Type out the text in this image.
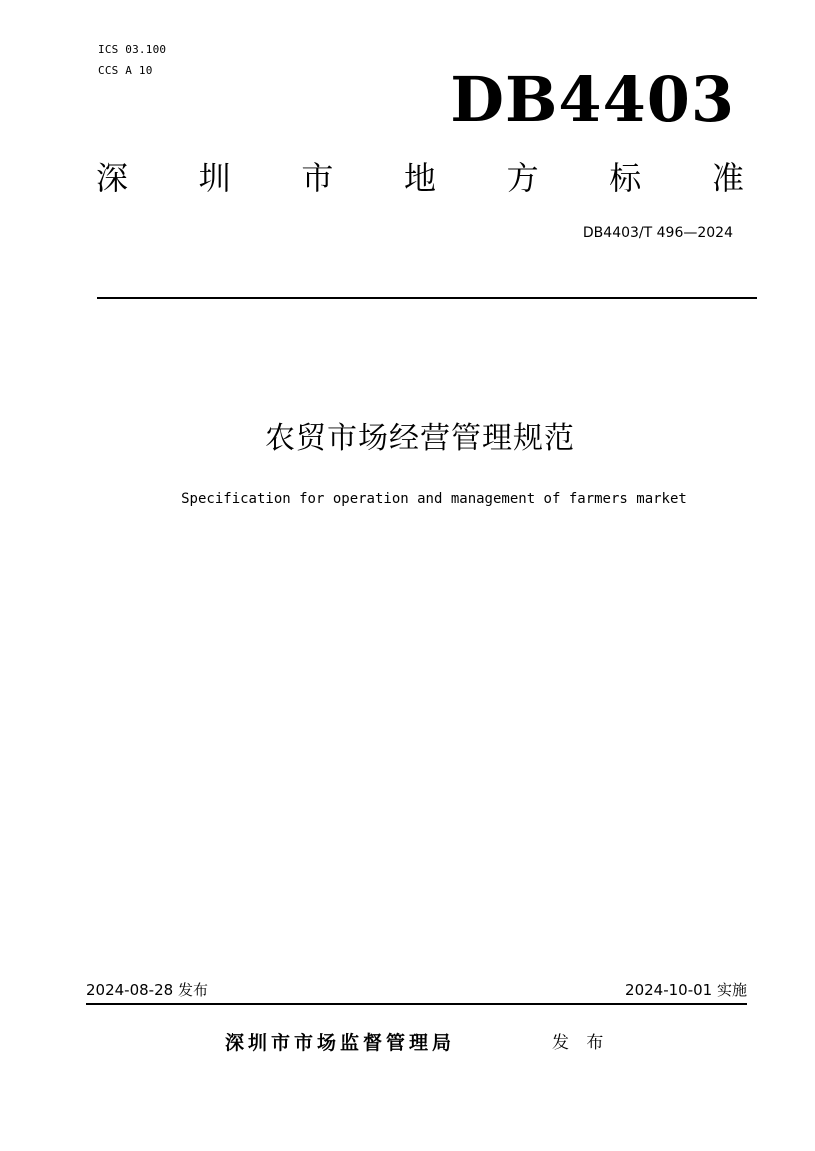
ICS 03.100
CCS A 10	DB4403
深 圳 市 地 方 标 准
DB4403/T 496—2024
农贸市场经营管理规范
Specification for operation and management of farmers market
2024-08-28 发布	2024-10-01 实施
深圳市市场监督管理局	发 布
